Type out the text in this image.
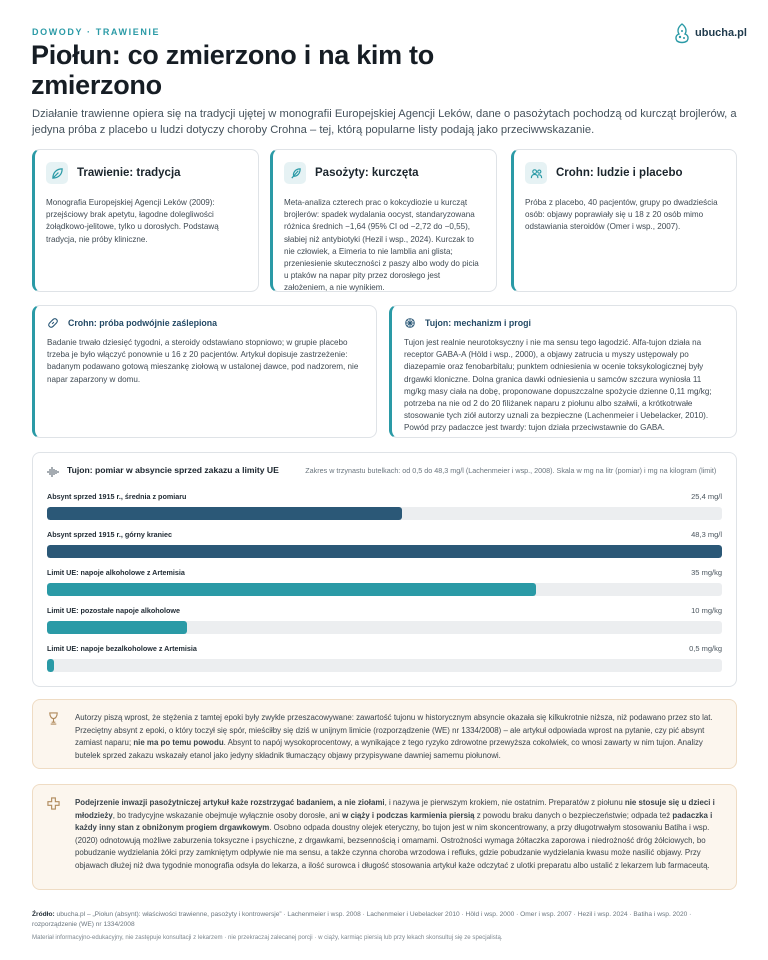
DOWODY · TRAWIENIE
Piołun: co zmierzono i na kim to zmierzono
ubucha.pl

Działanie trawienne opiera się na tradycji ujętej w monografii Europejskiej Agencji Leków, dane o pasożytach pochodzą od kurcząt brojlerów, a jedyna próba z placebo u ludzi dotyczy choroby Crohna – tej, którą popularne listy podają jako przeciwwskazanie.

Trawienie: tradycja

Monografia Europejskiej Agencji Leków (2009): przejściowy brak apetytu, łagodne dolegliwości żołądkowo‑jelitowe, tylko u dorosłych. Podstawą tradycja, nie próby kliniczne.

Pasożyty: kurczęta

Meta‑analiza czterech prac o kokcydiozie u kurcząt brojlerów: spadek wydalania oocyst, standaryzowana różnica średnich −1,64 (95% CI od −2,72 do −0,55), słabiej niż antybiotyki (Hezil i wsp., 2024). Kurczak to nie człowiek, a Eimeria to nie lamblia ani glista; przeniesienie skuteczności z paszy albo wody do picia u ptaków na napar pity przez dorosłego jest założeniem, a nie wynikiem.

Crohn: ludzie i placebo

Próba z placebo, 40 pacjentów, grupy po dwadzieścia osób: objawy poprawiały się u 18 z 20 osób mimo odstawiania steroidów (Omer i wsp., 2007).

Crohn: próba podwójnie zaślepiona

Badanie trwało dziesięć tygodni, a steroidy odstawiano stopniowo; w grupie placebo trzeba je było włączyć ponownie u 16 z 20 pacjentów. Artykuł dopisuje zastrzeżenie: badanym podawano gotową mieszankę ziołową w ustalonej dawce, pod nadzorem, nie napar zaparzony w domu.

Tujon: mechanizm i progi

Tujon jest realnie neurotoksyczny i nie ma sensu tego łagodzić. Alfa‑tujon działa na receptor GABA‑A (Höld i wsp., 2000), a objawy zatrucia u myszy ustępowały po diazepamie oraz fenobarbitalu; punktem odniesienia w ocenie toksykologicznej były drgawki kloniczne. Dolna granica dawki odniesienia u samców szczura wyniosła 11 mg/kg masy ciała na dobę, proponowane dopuszczalne spożycie dzienne 0,11 mg/kg; potrzeba na nie od 2 do 20 filiżanek naparu z piołunu albo szałwii, a krótkotrwałe stosowanie tych ziół autorzy uznali za bezpieczne (Lachenmeier i Uebelacker, 2010). Powód przy padaczce jest twardy: tujon działa przeciwstawnie do GABA.

Tujon: pomiar w absyncie sprzed zakazu a limity UE	Zakres w trzynastu butelkach: od 0,5 do 48,3 mg/l (Lachenmeier i wsp., 2008). Skala w mg na litr (pomiar) i mg na kilogram (limit)
Absynt sprzed 1915 r., średnia z pomiaru	25,4 mg/l
Absynt sprzed 1915 r., górny kraniec	48,3 mg/l
Limit UE: napoje alkoholowe z Artemisia	35 mg/kg
Limit UE: pozostałe napoje alkoholowe	10 mg/kg
Limit UE: napoje bezalkoholowe z Artemisia	0,5 mg/kg

Autorzy piszą wprost, że stężenia z tamtej epoki były zwykle przeszacowywane: zawartość tujonu w historycznym absyncie okazała się kilkukrotnie niższa, niż podawano przez sto lat. Przeciętny absynt z epoki, o który toczył się spór, mieściłby się dziś w unijnym limicie (rozporządzenie (WE) nr 1334/2008) – ale artykuł odpowiada wprost na pytanie, czy pić absynt zamiast naparu; nie ma po temu powodu. Absynt to napój wysokoprocentowy, a wynikające z tego ryzyko zdrowotne przewyższa cokolwiek, co wnosi zawarty w nim tujon. Analizy butelek sprzed zakazu wskazały etanol jako jedyny składnik tłumaczący objawy przypisywane dawniej samemu piołunowi.

Podejrzenie inwazji pasożytniczej artykuł każe rozstrzygać badaniem, a nie ziołami, i nazywa je pierwszym krokiem, nie ostatnim. Preparatów z piołunu nie stosuje się u dzieci i młodzieży, bo tradycyjne wskazanie obejmuje wyłącznie osoby dorosłe, ani w ciąży i podczas karmienia piersią z powodu braku danych o bezpieczeństwie; odpada też padaczka i każdy inny stan z obniżonym progiem drgawkowym. Osobno odpada doustny olejek eteryczny, bo tujon jest w nim skoncentrowany, a przy długotrwałym stosowaniu Batiha i wsp. (2020) odnotowują możliwe zaburzenia toksyczne i psychiczne, z drgawkami, bezsennością i omamami. Ostrożności wymaga żółtaczka zaporowa i niedrożność dróg żółciowych, bo pobudzanie wydzielania żółci przy zamkniętym odpływie nie ma sensu, a także czynna choroba wrzodowa i refluks, gdzie pobudzanie wydzielania kwasu może nasilić objawy. Przy objawach dłużej niż dwa tygodnie monografia odsyła do lekarza, a ilość surowca i długość stosowania artykuł każe odczytać z ulotki preparatu albo ustalić z lekarzem lub farmaceutą.

Źródło: ubucha.pl – „Piołun (absynt): właściwości trawienne, pasożyty i kontrowersje” · Lachenmeier i wsp. 2008 · Lachenmeier i Uebelacker 2010 · Höld i wsp. 2000 · Omer i wsp. 2007 · Hezil i wsp. 2024 · Batiha i wsp. 2020 · rozporządzenie (WE) nr 1334/2008
Materiał informacyjno-edukacyjny, nie zastępuje konsultacji z lekarzem · nie przekraczaj zalecanej porcji · w ciąży, karmiąc piersią lub przy lekach skonsultuj się ze specjalistą.
